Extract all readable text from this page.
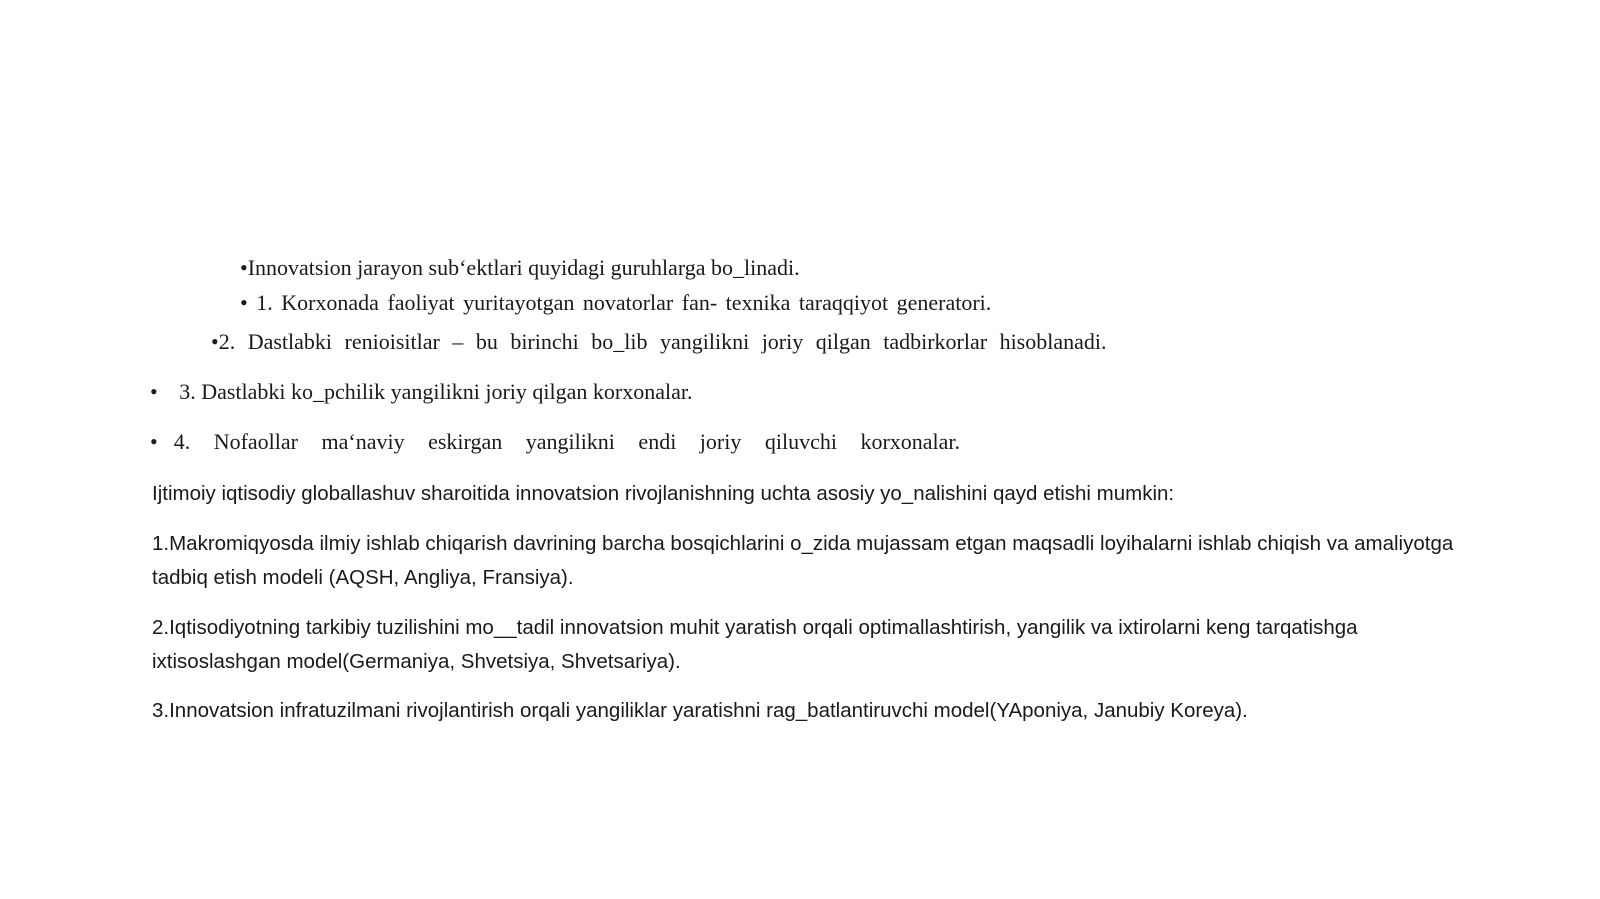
•Innovatsion jarayon sub‘ektlari quyidagi guruhlarga bo_linadi.
• 1. Korxonada faoliyat yuritayotgan novatorlar fan- texnika taraqqiyot generatori.
•2. Dastlabki renioisitlar – bu birinchi bo_lib yangilikni joriy qilgan tadbirkorlar hisoblanadi.
• 3. Dastlabki ko_pchilik yangilikni joriy qilgan korxonalar.
• 4. Nofaollar ma‘naviy eskirgan yangilikni endi joriy qiluvchi korxonalar.
Ijtimoiy iqtisodiy globallashuv sharoitida innovatsion rivojlanishning uchta asosiy yo_nalishini qayd etishi mumkin:
1.Makromiqyosda ilmiy ishlab chiqarish davrining barcha bosqichlarini o_zida mujassam etgan maqsadli loyihalarni ishlab chiqish va amaliyotga tadbiq etish modeli (AQSH, Angliya, Fransiya).
2.Iqtisodiyotning tarkibiy tuzilishini mo__tadil innovatsion muhit yaratish orqali optimallashtirish, yangilik va ixtirolarni keng tarqatishga ixtisoslashgan model(Germaniya, Shvetsiya, Shvetsariya).
3.Innovatsion infratuzilmani rivojlantirish orqali yangiliklar yaratishni rag_batlantiruvchi model(YAponiya, Janubiy Koreya).
